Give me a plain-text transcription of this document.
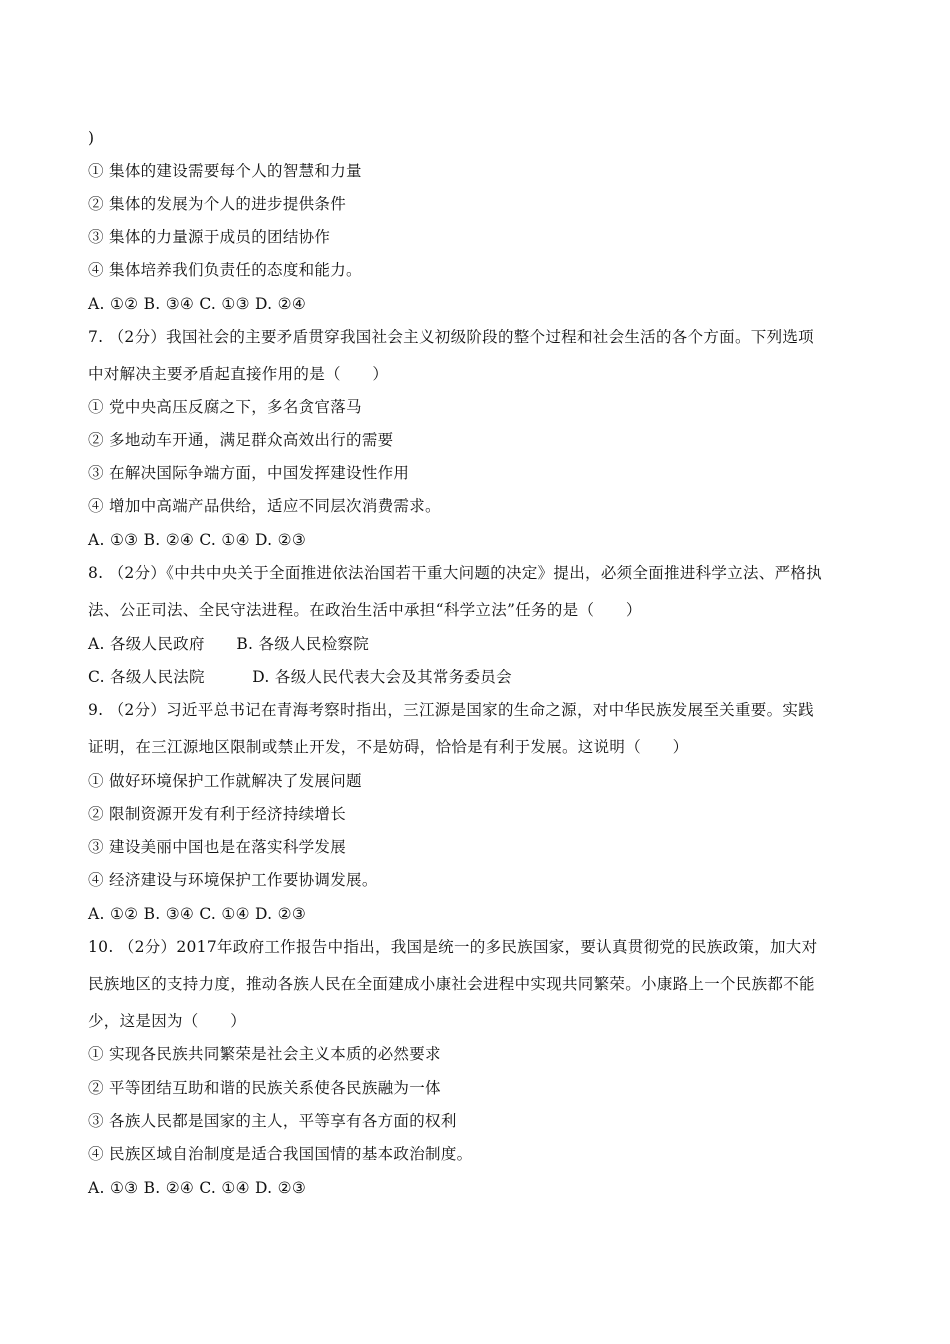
)
① 集体的建设需要每个人的智慧和力量
② 集体的发展为个人的进步提供条件
③ 集体的力量源于成员的团结协作
④ 集体培养我们负责任的态度和能力。
A. ①② B. ③④ C. ①③ D. ②④
7. （2分）我国社会的主要矛盾贯穿我国社会主义初级阶段的整个过程和社会生活的各个方面。下列选项
中对解决主要矛盾起直接作用的是（　　）
① 党中央高压反腐之下，多名贪官落马
② 多地动车开通，满足群众高效出行的需要
③ 在解决国际争端方面，中国发挥建设性作用
④ 增加中高端产品供给，适应不同层次消费需求。
A. ①③ B. ②④ C. ①④ D. ②③
8. （2分）《中共中央关于全面推进依法治国若干重大问题的决定》提出，必须全面推进科学立法、严格执
法、公正司法、全民守法进程。在政治生活中承担“科学立法”任务的是（　　）
A. 各级人民政府　　B. 各级人民检察院
C. 各级人民法院　　　D. 各级人民代表大会及其常务委员会
9. （2分）习近平总书记在青海考察时指出，三江源是国家的生命之源，对中华民族发展至关重要。实践
证明，在三江源地区限制或禁止开发，不是妨碍，恰恰是有利于发展。这说明（　　）
① 做好环境保护工作就解决了发展问题
② 限制资源开发有利于经济持续增长
③ 建设美丽中国也是在落实科学发展
④ 经济建设与环境保护工作要协调发展。
A. ①② B. ③④ C. ①④ D. ②③
10. （2分）2017年政府工作报告中指出，我国是统一的多民族国家，要认真贯彻党的民族政策，加大对
民族地区的支持力度，推动各族人民在全面建成小康社会进程中实现共同繁荣。小康路上一个民族都不能
少，这是因为（　　）
① 实现各民族共同繁荣是社会主义本质的必然要求
② 平等团结互助和谐的民族关系使各民族融为一体
③ 各族人民都是国家的主人，平等享有各方面的权利
④ 民族区域自治制度是适合我国国情的基本政治制度。
A. ①③ B. ②④ C. ①④ D. ②③
